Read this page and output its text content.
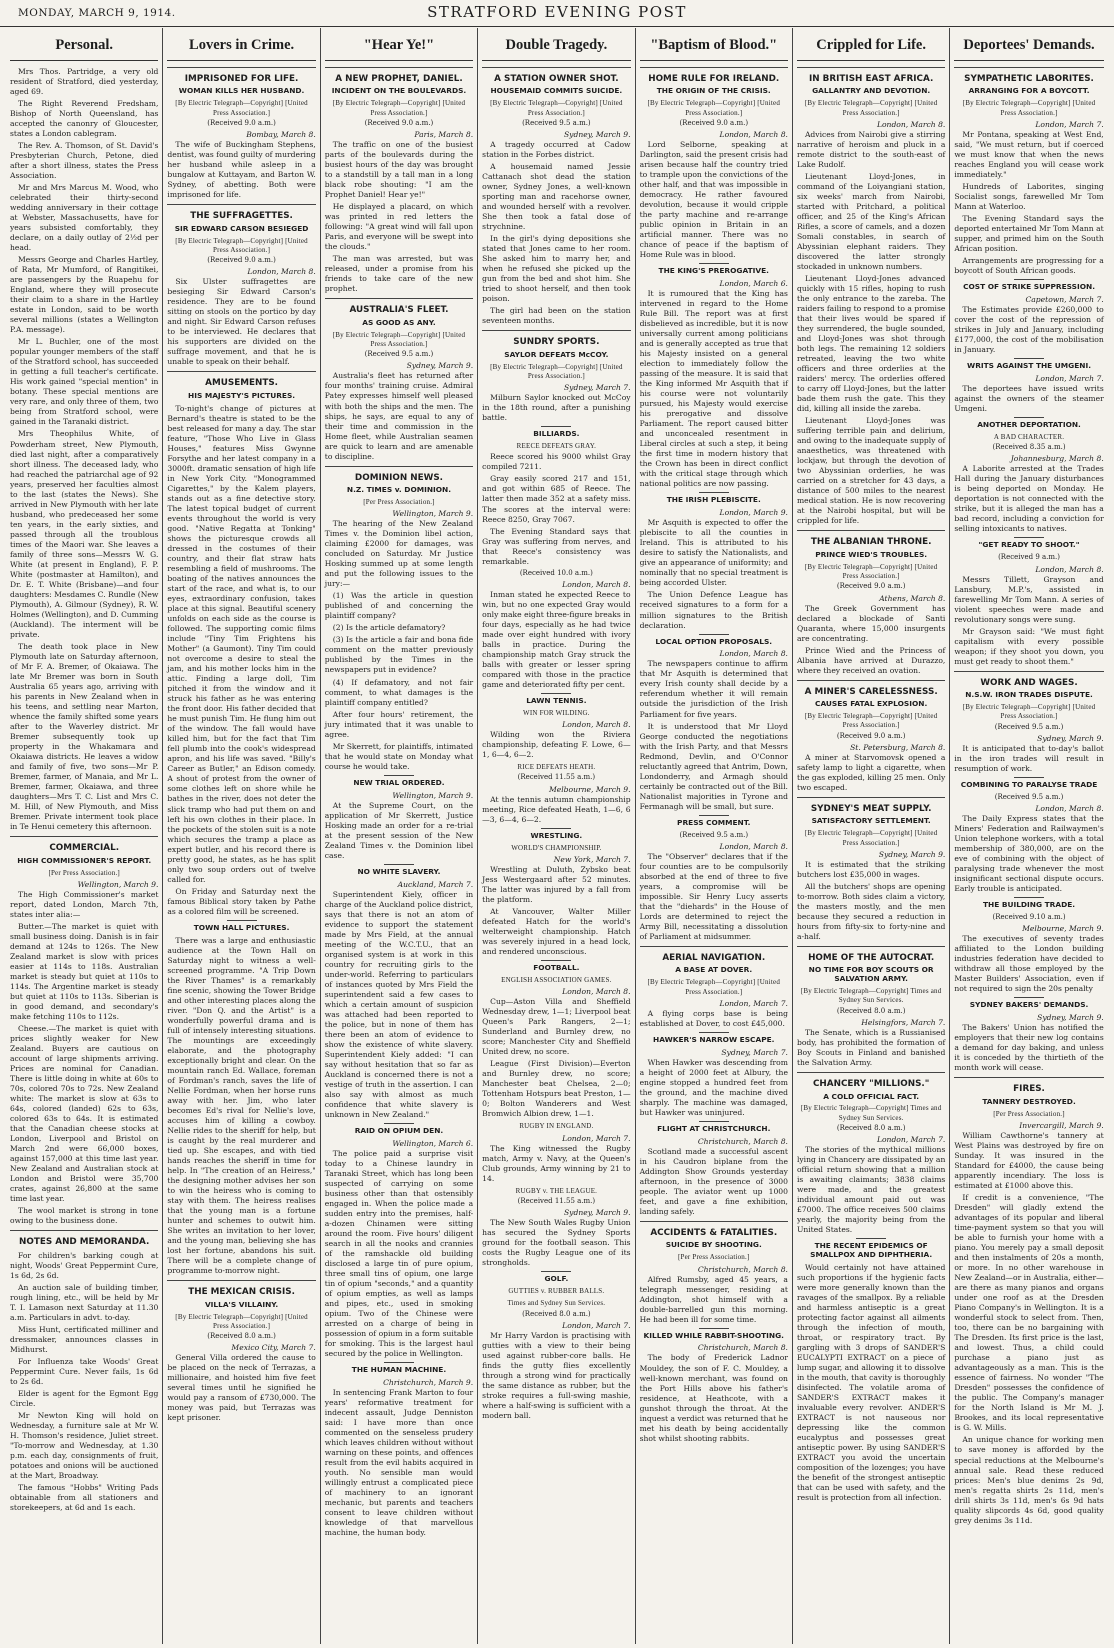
MONDAY, MARCH 9, 1914.	STRATFORD EVENING POST
Personal.

Mrs Thos. Partridge, a very old resident of Stratford, died yesterday, aged 69.

The Right Reverend Fredsham, Bishop of North Queensland, has accepted the canonry of Gloucester, states a London cablegram.

The Rev. A. Thomson, of St. David's Presbyterian Church, Petone, died after a short illness, states the Press Association.

Mr and Mrs Marcus M. Wood, who celebrated their thirty-second wedding anniversary in their cottage at Webster, Massachusetts, have for years subsisted comfortably, they declare, on a daily outlay of 2½d per head.

Messrs George and Charles Hartley, of Rata, Mr Mumford, of Rangitikei, are passengers by the Ruapehu for England, where they will prosecute their claim to a share in the Hartley estate in London, said to be worth several millions (states a Wellington P.A. message).

Mr L. Buchler, one of the most popular younger members of the staff of the Stratford school, has succeeded in getting a full teacher's certificate. His work gained "special mention" in botany. These special mentions are very rare, and only three of them, two being from Stratford school, were gained in the Taranaki district.

Mrs Theophilus White, of Powderham street, New Plymouth, died last night, after a comparatively short illness. The deceased lady, who had reached the patriarchal age of 92 years, preserved her faculties almost to the last (states the News). She arrived in New Plymouth with her late husband, who predeceased her some ten years, in the early sixties, and passed through all the troublous times of the Maori war. She leaves a family of three sons—Messrs W. G. White (at present in England), F. P. White (postmaster at Hamilton), and Dr. E. T. White (Brisbane)—and four daughters: Mesdames C. Rundle (New Plymouth), A. Gilmour (Sydney), R. W. Holmes (Wellington), and D. Cumming (Auckland). The interment will be private.

The death took place in New Plymouth late on Saturday afternoon, of Mr F. A. Bremer, of Okaiawa. The late Mr Bremer was born in South Australia 65 years ago, arriving with his parents in New Zealand when in his teens, and settling near Marton, whence the family shifted some years after to the Waverley district. Mr Bremer subsequently took up property in the Whakamara and Okaiawa districts. He leaves a widow and family of five, two sons—Mr P. Bremer, farmer, of Manaia, and Mr L. Bremer, farmer, Okaiawa, and three daughters—Mrs T. C. List and Mrs C. M. Hill, of New Plymouth, and Miss Bremer. Private interment took place in Te Henui cemetery this afternoon.

COMMERCIAL.
HIGH COMMISSIONER'S REPORT.
[Per Press Association.]
Wellington, March 9.

The High Commissioner's market report, dated London, March 7th, states inter alia:—

Butter.—The market is quiet with small business doing. Danish is in fair demand at 124s to 126s. The New Zealand market is slow with prices easier at 114s to 118s. Australian market is steady but quiet at 110s to 114s. The Argentine market is steady but quiet at 110s to 113s. Siberian is in good demand, and secondary's make fetching 110s to 112s.

Cheese.—The market is quiet with prices slightly weaker for New Zealand. Buyers are cautious on account of large shipments arriving. Prices are nominal for Canadian. There is little doing in white at 60s to 70s, colored 70s to 72s. New Zealand white: The market is slow at 63s to 64s, colored (landed) 62s to 63s, colored 63s to 64s. It is estimated that the Canadian cheese stocks at London, Liverpool and Bristol on March 2nd were 66,000 boxes, against 157,000 at this time last year. New Zealand and Australian stock at London and Bristol were 35,700 crates, against 26,800 at the same time last year.

The wool market is strong in tone owing to the business done.

NOTES AND MEMORANDA.

For children's barking cough at night, Woods' Great Peppermint Cure, 1s 6d, 2s 6d.

An auction sale of building timber, rough lining, etc., will be held by Mr T. I. Lamason next Saturday at 11.30 a.m. Particulars in advt. to-day.

Miss Hunt, certificated milliner and dressmaker, announces classes in Midhurst.

For Influenza take Woods' Great Peppermint Cure. Never fails, 1s 6d to 2s 6d.

Elder is agent for the Egmont Egg Circle.

Mr Newton King will hold on Wednesday, a furniture sale at Mr W. H. Thomson's residence, Juliet street. "To-morrow and Wednesday, at 1.30 p.m. each day, consignments of fruit, potatoes and onions will be auctioned at the Mart, Broadway.

The famous "Hobbs" Writing Pads obtainable from all stationers and storekeepers, at 6d and 1s each.

Lovers in Crime.
IMPRISONED FOR LIFE.
WOMAN KILLS HER HUSBAND.
[By Electric Telegraph—Copyright] [United Press Association.]
(Received 9.0 a.m.)
Bombay, March 8.

The wife of Buckingham Stephens, dentist, was found guilty of murdering her husband while asleep in a bungalow at Kuttayam, and Barton W. Sydney, of abetting. Both were imprisoned for life.

THE SUFFRAGETTES.
SIR EDWARD CARSON BESIEGED
[By Electric Telegraph—Copyright] [United Press Association.]
(Received 9.0 a.m.)
London, March 8.

Six Ulster suffragettes are besieging Sir Edward Carson's residence. They are to be found sitting on stools on the portico by day and night. Sir Edward Carson refuses to be interviewed. He declares that his supporters are divided on the suffrage movement, and that he is unable to speak on their behalf.

AMUSEMENTS.
HIS MAJESTY'S PICTURES.

To-night's change of pictures at Bernard's theatre is stated to be the best released for many a day. The star feature, "Those Who Live in Glass Houses," features Miss Gwynne Forsythe and her latest company in a 3000ft. dramatic sensation of high life in New York City. "Monogrammed Cigarettes," by the Kalem players, stands out as a fine detective story. The latest topical budget of current events throughout the world is very good. "Native Regatta at Tonking" shows the picturesque crowds all dressed in the costumes of their country, and their flat straw hats resembling a field of mushrooms. The boating of the natives announces the start of the race, and what is, to our eyes, extraordinary confusion, takes place at this signal. Beautiful scenery unfolds on each side as the course is followed. The supporting comic films include "Tiny Tim Frightens his Mother" (a Gaumont). Tiny Tim could not overcome a desire to steal the jam, and his mother locks him in the attic. Finding a large doll, Tim pitched it from the window and it struck his father as he was entering the front door. His father decided that he must punish Tim. He flung him out of the window. The fall would have killed him, but for the fact that Tim fell plumb into the cook's widespread apron, and his life was saved. "Billy's Career as Butler," an Edison comedy. A shout of protest from the owner of some clothes left on shore while he bathes in the river, does not deter the slick tramp who had put them on and left his own clothes in their place. In the pockets of the stolen suit is a note which secures the tramp a place as expert butler, and his record there is pretty good, he states, as he has split only two soup orders out of twelve called for.

On Friday and Saturday next the famous Biblical story taken by Pathe as a colored film will be screened.

TOWN HALL PICTURES.

There was a large and enthusiastic audience at the Town Hall on Saturday night to witness a well-screened programme. "A Trip Down the River Thames" is a remarkably fine scenic, showing the Tower Bridge and other interesting places along the river. "Don Q. and the Artist" is a wonderfully powerful drama and is full of intensely interesting situations. The mountings are exceedingly elaborate, and the photography exceptionally bright and clear. On the mountain ranch Ed. Wallace, foreman of Fordman's ranch, saves the life of Nellie Fordman, when her horse runs away with her. Jim, who later becomes Ed's rival for Nellie's love, accuses him of killing a cowboy. Nellie rides to the sheriff for help, but is caught by the real murderer and tied up. She escapes, and with tied hands reaches the sheriff in time for help. In "The creation of an Heiress," the designing mother advises her son to win the heiress who is coming to stay with them. The heiress realises that the young man is a fortune hunter and schemes to outwit him. She writes an invitation to her lover, and the young man, believing she has lost her fortune, abandons his suit. There will be a complete change of programme to-morrow night.

THE MEXICAN CRISIS.
VILLA'S VILLAINY.
[By Electric Telegraph—Copyright] [United Press Association.]
(Received 8.0 a.m.)
Mexico City, March 7.

General Villa ordered the cause to be placed on the neck of Terrazas, a millionaire, and hoisted him five feet several times until he signified he would pay a ransom of £730,000. The money was paid, but Terrazas was kept prisoner.

"Hear Ye!"
A NEW PROPHET, DANIEL.
INCIDENT ON THE BOULEVARDS.
[By Electric Telegraph—Copyright] [United Press Association.]
(Received 9.0 a.m.)
Paris, March 8.

The traffic on one of the busiest parts of the boulevards during the busiest hours of the day was brought to a standstill by a tall man in a long black robe shouting: "I am the Prophet Daniel! Hear ye!"

He displayed a placard, on which was printed in red letters the following: "A great wind will fall upon Paris, and everyone will be swept into the clouds."

The man was arrested, but was released, under a promise from his friends to take care of the new prophet.

AUSTRALIA'S FLEET.
AS GOOD AS ANY.
[By Electric Telegraph—Copyright] [United Press Association.]
(Received 9.5 a.m.)
Sydney, March 9.

Australia's fleet has returned after four months' training cruise. Admiral Patey expresses himself well pleased with both the ships and the men. The ships, he says, are equal to any of their time and commission in the Home fleet, while Australian seamen are quick to learn and are amenable to discipline.

DOMINION NEWS.
N.Z. TIMES v. DOMINION.
[Per Press Association.]
Wellington, March 9.

The hearing of the New Zealand Times v. the Dominion libel action, claiming £2000 for damages, was concluded on Saturday. Mr Justice Hosking summed up at some length and put the following issues to the jury:—

(1) Was the article in question published of and concerning the plaintiff company?

(2) Is the article defamatory?

(3) Is the article a fair and bona fide comment on the matter previously published by the Times in the newspapers put in evidence?

(4) If defamatory, and not fair comment, to what damages is the plaintiff company entitled?

After four hours' retirement, the jury intimated that it was unable to agree.

Mr Skerrett, for plaintiffs, intimated that he would state on Monday what course he would take.

NEW TRIAL ORDERED.
Wellington, March 9.

At the Supreme Court, on the application of Mr Skerrett, Justice Hosking made an order for a re-trial at the present session of the New Zealand Times v. the Dominion libel case.

NO WHITE SLAVERY.
Auckland, March 7.

Superintendent Kiely, officer in charge of the Auckland police district, says that there is not an atom of evidence to support the statement made by Mrs Field, at the annual meeting of the W.C.T.U., that an organised system is at work in this country for recruiting girls to the under-world. Referring to particulars of instances quoted by Mrs Field the superintendent said a few cases to which a certain amount of suspicion was attached had been reported to the police, but in none of them has there been an atom of evidence to show the existence of white slavery. Superintendent Kiely added: "I can say without hesitation that so far as Auckland is concerned there is not a vestige of truth in the assertion. I can also say with almost as much confidence that white slavery is unknown in New Zealand."

RAID ON OPIUM DEN.
Wellington, March 6.

The police paid a surprise visit today to a Chinese laundry in Taranaki Street, which has long been suspected of carrying on some business other than that ostensibly engaged in. When the police made a sudden entry into the premises, half-a-dozen Chinamen were sitting around the room. Five hours' diligent search in all the nooks and crannies of the ramshackle old building disclosed a large tin of pure opium, three small tins of opium, one large tin of opium "seconds," and a quantity of opium empties, as well as lamps and pipes, etc., used in smoking opium. Two of the Chinese were arrested on a charge of being in possession of opium in a form suitable for smoking. This is the largest haul secured by the police in Wellington.

THE HUMAN MACHINE.
Christchurch, March 9.

In sentencing Frank Marton to four years' reformative treatment for indecent assault, Judge Denniston said: I have more than once commented on the senseless prudery which leaves children without without warning on these points, and offences result from the evil habits acquired in youth. No sensible man would willingly entrust a complicated piece of machinery to an ignorant mechanic, but parents and teachers consent to leave children without knowledge of that marvellous machine, the human body.

Double Tragedy.
A STATION OWNER SHOT.
HOUSEMAID COMMITS SUICIDE.
[By Electric Telegraph—Copyright] [United Press Association.]
(Received 9.5 a.m.)
Sydney, March 9.

A tragedy occurred at Cadow station in the Forbes district.

A housemaid named Jessie Cattanach shot dead the station owner, Sydney Jones, a well-known sporting man and racehorse owner, and wounded herself with a revolver. She then took a fatal dose of strychnine.

In the girl's dying depositions she stated that Jones came to her room. She asked him to marry her, and when he refused she picked up the gun from the bed and shot him. She tried to shoot herself, and then took poison.

The girl had been on the station seventeen months.

SUNDRY SPORTS.
SAYLOR DEFEATS McCOY.
[By Electric Telegraph—Copyright] [United Press Association.]
Sydney, March 7.

Milburn Saylor knocked out McCoy in the 18th round, after a punishing battle.

BILLIARDS.
REECE DEFEATS GRAY.

Reece scored his 9000 whilst Gray compiled 7211.

Gray easily scored 217 and 151, and got within 685 of Reece. The latter then made 352 at a safety miss. The scores at the interval were: Reece 8250, Gray 7067.

The Evening Standard says that Gray was suffering from nerves, and that Reece's consistency was remarkable.

(Received 10.0 a.m.)
London, March 8.

Inman stated he expected Reece to win, but no one expected Gray would only make eight three-figure breaks in four days, especially as he had twice made over eight hundred with ivory balls in practice. During the championship match Gray struck the balls with greater or lesser spring compared with those in the practice game and deteriorated fifty per cent.

LAWN TENNIS.
WIN FOR WILDING.
London, March 8.

Wilding won the Riviera championship, defeating F. Lowe, 6—1, 6—4, 6—2.

RICE DEFEATS HEATH.
(Received 11.55 a.m.)
Melbourne, March 9.

At the tennis autumn championship meeting, Rice defeated Heath, 1—6, 6—3, 6—4, 6—2.

WRESTLING.
WORLD'S CHAMPIONSHIP.
New York, March 7.

Wrestling at Duluth, Zybsko beat Jess Westergaard after 52 minutes. The latter was injured by a fall from the platform.

At Vancouver, Walter Miller defeated Hatch for the world's welterweight championship. Hatch was severely injured in a head lock, and rendered unconscious.

FOOTBALL.
ENGLISH ASSOCIATION GAMES.
London, March 8.

Cup—Aston Villa and Sheffield Wednesday drew, 1—1; Liverpool beat Queen's Park Rangers, 2—1; Sunderland and Burnley drew, no score; Manchester City and Sheffield United drew, no score.

League (First Division)—Everton and Burnley drew, no score; Manchester beat Chelsea, 2—0; Tottenham Hotspurs beat Preston, 1—0; Bolton Wanderers and West Bromwich Albion drew, 1—1.

RUGBY IN ENGLAND.
London, March 7.

The King witnessed the Rugby match, Army v. Navy, at the Queen's Club grounds, Army winning by 21 to 14.

RUGBY v. THE LEAGUE.
(Received 11.55 a.m.)
Sydney, March 9.

The New South Wales Rugby Union has secured the Sydney Sports ground for the football season. This costs the Rugby League one of its strongholds.

GOLF.
GUTTIES v. RUBBER BALLS.
Times and Sydney Sun Services.
(Received 8.0 a.m.)
London, March 7.

Mr Harry Vardon is practising with gutties with a view to their being used against rubber-core balls. He finds the gutty flies excellently through a strong wind for practically the same distance as rubber, but the stroke requires a full-swing mashie, where a half-swing is sufficient with a modern ball.

"Baptism of Blood."
HOME RULE FOR IRELAND.
THE ORIGIN OF THE CRISIS.
[By Electric Telegraph—Copyright] [United Press Association.]
(Received 9.0 a.m.)
London, March 8.

Lord Selborne, speaking at Darlington, said the present crisis had arisen because half the country tried to trample upon the convictions of the other half, and that was impossible in democracy. He rather favoured devolution, because it would cripple the party machine and re-arrange public opinion in Britain in an artificial manner. There was no chance of peace if the baptism of Home Rule was in blood.

THE KING'S PREROGATIVE.
London, March 6.

It is rumoured that the King has intervened in regard to the Home Rule Bill. The report was at first disbelieved as incredible, but it is now universally current among politicians and is generally accepted as true that his Majesty insisted on a general election to immediately follow the passing of the measure. It is said that the King informed Mr Asquith that if his course were not voluntarily pursued, his Majesty would exercise his prerogative and dissolve Parliament. The report caused bitter and unconcealed resentment in Liberal circles at such a step, it being the first time in modern history that the Crown has been in direct conflict with the critical stage through which national politics are now passing.

THE IRISH PLEBISCITE.
London, March 9.

Mr Asquith is expected to offer the plebiscite to all the counties in Ireland. This is attributed to his desire to satisfy the Nationalists, and give an appearance of uniformity; and nominally that no special treatment is being accorded Ulster.

The Union Defence League has received signatures to a form for a million signatures to the British declaration.

LOCAL OPTION PROPOSALS.
London, March 8.

The newspapers continue to affirm that Mr Asquith is determined that every Irish county shall decide by a referendum whether it will remain outside the jurisdiction of the Irish Parliament for five years.

It is understood that Mr Lloyd George conducted the negotiations with the Irish Party, and that Messrs Redmond, Devlin, and O'Connor reluctantly agreed that Antrim, Down, Londonderry, and Armagh should certainly be contracted out of the Bill. Nationalist majorities in Tyrone and Fermanagh will be small, but sure.

PRESS COMMENT.
(Received 9.5 a.m.)
London, March 8.

The "Observer" declares that if the four counties are to be compulsorily absorbed at the end of three to five years, a compromise will be impossible. Sir Henry Lucy asserts that the "diehards" in the House of Lords are determined to reject the Army Bill, necessitating a dissolution of Parliament at midsummer.

AERIAL NAVIGATION.
A BASE AT DOVER.
[By Electric Telegraph—Copyright] [United Press Association.]
London, March 7.

A flying corps base is being established at Dover, to cost £45,000.

HAWKER'S NARROW ESCAPE.
Sydney, March 7.

When Hawker was descending from a height of 2000 feet at Albury, the engine stopped a hundred feet from the ground, and the machine dived sharply. The machine was damaged, but Hawker was uninjured.

FLIGHT AT CHRISTCHURCH.
Christchurch, March 8.

Scotland made a successful ascent in his Caudron biplane from the Addington Show Grounds yesterday afternoon, in the presence of 3000 people. The aviator went up 1000 feet, and gave a fine exhibition, landing safely.

ACCIDENTS & FATALITIES.
SUICIDE BY SHOOTING.
[Per Press Association.]
Christchurch, March 8.

Alfred Rumsby, aged 45 years, a telegraph messenger, residing at Addington, shot himself with a double-barrelled gun this morning. He had been ill for some time.

KILLED WHILE RABBIT-SHOOTING.
Christchurch, March 8.

The body of Frederick Ladnor Mouldey, the son of F. C. Mouldey, a well-known merchant, was found on the Port Hills above his father's residence, at Heathcote, with a gunshot through the throat. At the inquest a verdict was returned that he met his death by being accidentally shot whilst shooting rabbits.

Crippled for Life.
IN BRITISH EAST AFRICA.
GALLANTRY AND DEVOTION.
[By Electric Telegraph—Copyright] [United Press Association.]
London, March 8.

Advices from Nairobi give a stirring narrative of heroism and pluck in a remote district to the south-east of Lake Rudolf.

Lieutenant Lloyd-Jones, in command of the Loiyangiani station, six weeks' march from Nairobi, started with Pritchard, a political officer, and 25 of the King's African Rifles, a score of camels, and a dozen Somali constables, in search of Abyssinian elephant raiders. They discovered the latter strongly stockaded in unknown numbers.

Lieutenant Lloyd-Jones advanced quickly with 15 rifles, hoping to rush the only entrance to the zareba. The raiders failing to respond to a promise that their lives would be spared if they surrendered, the bugle sounded, and Lloyd-Jones was shot through both legs. The remaining 12 soldiers retreated, leaving the two white officers and three orderlies at the raiders' mercy. The orderlies offered to carry off Lloyd-Jones, but the latter bade them rush the gate. This they did, killing all inside the zareba.

Lieutenant Lloyd-Jones was suffering terrible pain and delirium, and owing to the inadequate supply of anaesthetics, was threatened with lockjaw, but through the devotion of two Abyssinian orderlies, he was carried on a stretcher for 43 days, a distance of 500 miles to the nearest medical station. He is now recovering at the Nairobi hospital, but will be crippled for life.

THE ALBANIAN THRONE.
PRINCE WIED'S TROUBLES.
[By Electric Telegraph—Copyright] [United Press Association.]
(Received 9.0 a.m.)
Athens, March 8.

The Greek Government has declared a blockade of Santi Quaranta, where 15,000 insurgents are concentrating.

Prince Wied and the Princess of Albania have arrived at Durazzo, where they received an ovation.

A MINER'S CARELESSNESS.
CAUSES FATAL EXPLOSION.
[By Electric Telegraph—Copyright] [United Press Association.]
(Received 9.0 a.m.)
St. Petersburg, March 8.

A miner at Starvomovsk opened a safety lamp to light a cigarette, when the gas exploded, killing 25 men. Only two escaped.

SYDNEY'S MEAT SUPPLY.
SATISFACTORY SETTLEMENT.
[By Electric Telegraph—Copyright] [United Press Association.]
Sydney, March 9.

It is estimated that the striking butchers lost £35,000 in wages.

All the butchers' shops are opening to-morrow. Both sides claim a victory, the masters mostly, and the men because they secured a reduction in hours from fifty-six to forty-nine and a-half.

HOME OF THE AUTOCRAT.
NO TIME FOR BOY SCOUTS OR SALVATION ARMY.
[By Electric Telegraph—Copyright] Times and Sydney Sun Services.
(Received 8.0 a.m.)
Helsingfors, March 7.

The Senate, which is a Russianised body, has prohibited the formation of Boy Scouts in Finland and banished the Salvation Army.

CHANCERY "MILLIONS."
A COLD OFFICIAL FACT.
[By Electric Telegraph—Copyright] Times and Sydney Sun Services.
(Received 8.0 a.m.)
London, March 7.

The stories of the mythical millions lying in Chancery are dissipated by an official return showing that a million is awaiting claimants; 3838 claims were made, and the greatest individual amount paid out was £7000. The office receives 500 claims yearly, the majority being from the United States.

THE RECENT EPIDEMICS OF SMALLPOX AND DIPHTHERIA.

Would certainly not have attained such proportions if the hygienic facts were more generally known than the ravages of the smallpox. By a reliable and harmless antiseptic is a great protecting factor against all ailments through the infection of mouth, throat, or respiratory tract. By gargling with 3 drops of SANDER'S EUCALYPTI EXTRACT on a piece of lump sugar, and allowing it to dissolve in the mouth, that cavity is thoroughly disinfected. The volatile aroma of SANDER'S EXTRACT makes it invaluable every revolver. ANDER'S EXTRACT is not nauseous nor depressing like the common eucalyptus and possesses great antiseptic power. By using SANDER'S EXTRACT you avoid the uncertain composition of the lozenges; you have the benefit of the strongest antiseptic that can be used with safety, and the result is protection from all infection.

Deportees' Demands.
SYMPATHETIC LABORITES.
ARRANGING FOR A BOYCOTT.
[By Electric Telegraph—Copyright] [United Press Association.]
London, March 7.

Mr Pontana, speaking at West End, said, "We must return, but if coerced we must know that when the news reaches England you will cease work immediately."

Hundreds of Laborites, singing Socialist songs, farewelled Mr Tom Mann at Waterloo.

The Evening Standard says the deported entertained Mr Tom Mann at supper, and primed him on the South African position.

Arrangements are progressing for a boycott of South African goods.

COST OF STRIKE SUPPRESSION.
Capetown, March 7.

The Estimates provide £260,000 to cover the cost of the repression of strikes in July and January, including £177,000, the cost of the mobilisation in January.

WRITS AGAINST THE UMGENI.
London, March 7.

The deportees have issued writs against the owners of the steamer Umgeni.

ANOTHER DEPORTATION.
A BAD CHARACTER.
(Received 8.35 a.m.)
Johannesburg, March 8.

A Laborite arrested at the Trades Hall during the January disturbances is being deported on Monday. He deportation is not connected with the strike, but it is alleged the man has a bad record, including a conviction for selling intoxicants to natives.

"GET READY TO SHOOT."
(Received 9 a.m.)
London, March 8.

Messrs Tillett, Grayson and Lansbury, M.P.'s, assisted in farewelling Mr Tom Mann. A series of violent speeches were made and revolutionary songs were sung.

Mr Grayson said: "We must fight capitalism with every possible weapon; if they shoot you down, you must get ready to shoot them."

WORK AND WAGES.
N.S.W. IRON TRADES DISPUTE.
[By Electric Telegraph—Copyright] [United Press Association.]
(Received 9.5 a.m.)
Sydney, March 9.

It is anticipated that to-day's ballot in the iron trades will result in resumption of work.

COMBINING TO PARALYSE TRADE
(Received 9.5 a.m.)
London, March 8.

The Daily Express states that the Miners' Federation and Railwaymen's Union telephone workers, with a total membership of 380,000, are on the eve of combining with the object of paralysing trade whenever the most insignificant sectional dispute occurs. Early trouble is anticipated.

THE BUILDING TRADE.
(Received 9.10 a.m.)
Melbourne, March 9.

The executives of seventy trades affiliated to the London building industries federation have decided to withdraw all those employed by the Master Builders' Association, even if not required to sign the 20s penalty

SYDNEY BAKERS' DEMANDS.
Sydney, March 9.

The Bakers' Union has notified the employers that their new log contains a demand for day baking, and unless it is conceded by the thirtieth of the month work will cease.

FIRES.
TANNERY DESTROYED.
[Per Press Association.]
Invercargill, March 9.

William Cawthorne's tannery at West Plains was destroyed by fire on Sunday. It was insured in the Standard for £4000, the cause being apparently incendiary. The loss is estimated at £1000 above this.

If credit is a convenience, "The Dresden" will gladly extend the advantages of its popular and liberal time-payment system so that you will be able to furnish your home with a piano. You merely pay a small deposit and then instalments of 20s a month, or more. In no other warehouse in New Zealand—or in Australia, either—are there as many pianos and organs under one roof as at the Dresden Piano Company's in Wellington. It is a wonderful stock to select from. Then, too, there can be no bargaining with The Dresden. Its first price is the last, and lowest. Thus, a child could purchase a piano just as advantageously as a man. This is the essence of fairness. No wonder "The Dresden" possesses the confidence of the public. The Company's manager for the North Island is Mr M. J. Brookes, and its local representative is G. W. Mills.

An unique chance for working men to save money is afforded by the special reductions at the Melbourne's annual sale. Read these reduced prices: Men's blue denims 2s 9d, men's regatta shirts 2s 11d, men's drill shirts 3s 11d, men's 6s 9d hats quality slipcords 4s 6d, good quality grey denims 3s 11d.
